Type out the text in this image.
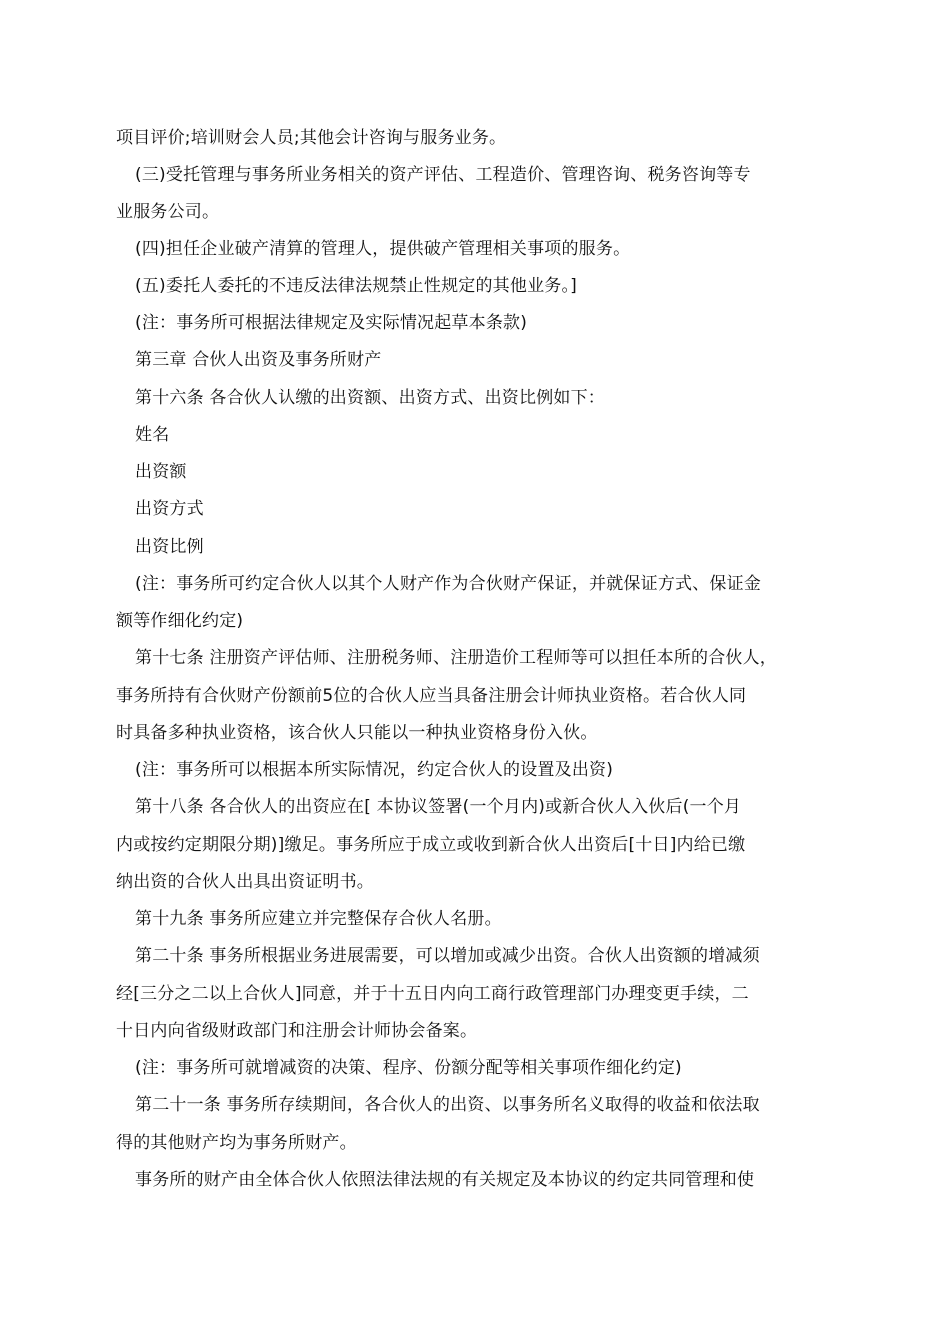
项目评价;培训财会人员;其他会计咨询与服务业务。
(三)受托管理与事务所业务相关的资产评估、工程造价、管理咨询、税务咨询等专
业服务公司。
(四)担任企业破产清算的管理人，提供破产管理相关事项的服务。
(五)委托人委托的不违反法律法规禁止性规定的其他业务。]
(注：事务所可根据法律规定及实际情况起草本条款)
第三章 合伙人出资及事务所财产
第十六条 各合伙人认缴的出资额、出资方式、出资比例如下：
姓名
出资额
出资方式
出资比例
(注：事务所可约定合伙人以其个人财产作为合伙财产保证，并就保证方式、保证金
额等作细化约定)
第十七条 注册资产评估师、注册税务师、注册造价工程师等可以担任本所的合伙人，
事务所持有合伙财产份额前5位的合伙人应当具备注册会计师执业资格。若合伙人同
时具备多种执业资格，该合伙人只能以一种执业资格身份入伙。
(注：事务所可以根据本所实际情况，约定合伙人的设置及出资)
第十八条 各合伙人的出资应在[ 本协议签署(一个月内)或新合伙人入伙后(一个月
内或按约定期限分期)]缴足。事务所应于成立或收到新合伙人出资后[十日]内给已缴
纳出资的合伙人出具出资证明书。
第十九条 事务所应建立并完整保存合伙人名册。
第二十条 事务所根据业务进展需要，可以增加或减少出资。合伙人出资额的增减须
经[三分之二以上合伙人]同意，并于十五日内向工商行政管理部门办理变更手续，二
十日内向省级财政部门和注册会计师协会备案。
(注：事务所可就增减资的决策、程序、份额分配等相关事项作细化约定)
第二十一条 事务所存续期间，各合伙人的出资、以事务所名义取得的收益和依法取
得的其他财产均为事务所财产。
事务所的财产由全体合伙人依照法律法规的有关规定及本协议的约定共同管理和使
